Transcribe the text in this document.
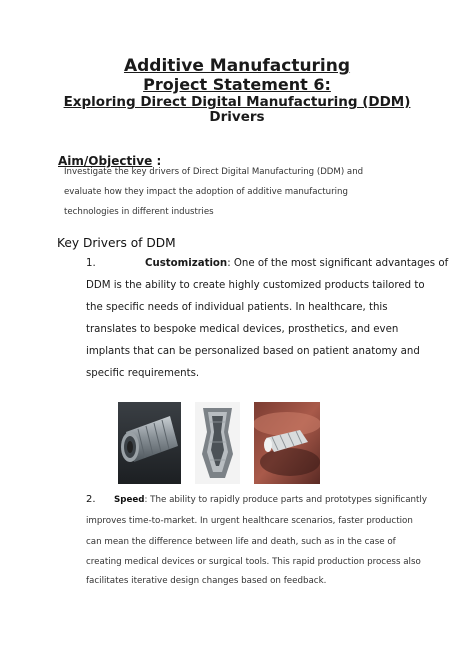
Additive Manufacturing
Project Statement 6:
Exploring Direct Digital Manufacturing (DDM)
Drivers
Aim/Objective :
Investigate the key drivers of Direct Digital Manufacturing (DDM) and
evaluate how they impact the adoption of additive manufacturing
technologies in different industries
Key Drivers of DDM
1.	Customization: One of the most significant advantages of
DDM is the ability to create highly customized products tailored to
the specific needs of individual patients. In healthcare, this
translates to bespoke medical devices, prosthetics, and even
implants that can be personalized based on patient anatomy and
specific requirements.
2. Speed: The ability to rapidly produce parts and prototypes significantly
improves time-to-market. In urgent healthcare scenarios, faster production
can mean the difference between life and death, such as in the case of
creating medical devices or surgical tools. This rapid production process also
facilitates iterative design changes based on feedback.
